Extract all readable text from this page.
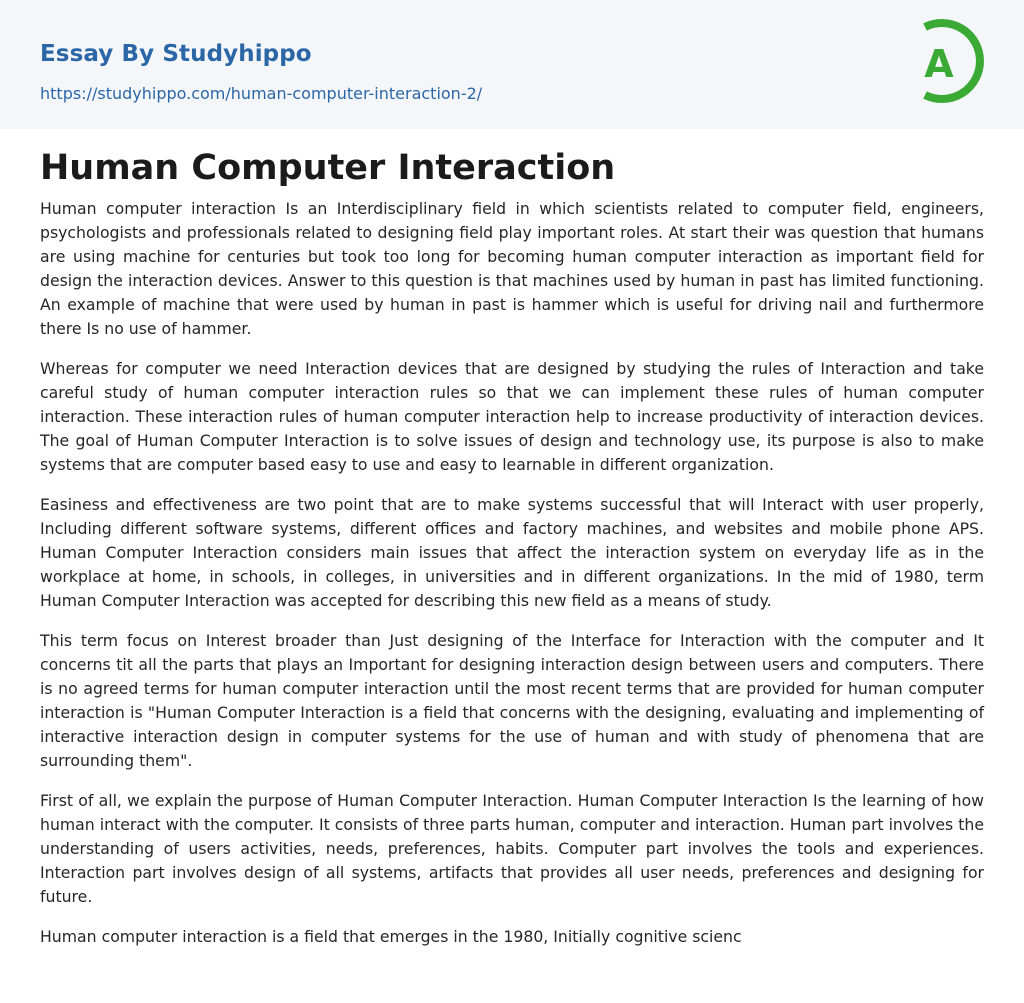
Essay By Studyhippo
https://studyhippo.com/human-computer-interaction-2/
A
Human Computer Interaction

Human computer interaction Is an Interdisciplinary field in which scientists related to computer field, engineers, psychologists and professionals related to designing field play important roles. At start their was question that humans are using machine for centuries but took too long for becoming human computer interaction as important field for design the interaction devices. Answer to this question is that machines used by human in past has limited functioning. An example of machine that were used by human in past is hammer which is useful for driving nail and furthermore there Is no use of hammer.

Whereas for computer we need Interaction devices that are designed by studying the rules of Interaction and take careful study of human computer interaction rules so that we can implement these rules of human computer interaction. These interaction rules of human computer interaction help to increase productivity of interaction devices. The goal of Human Computer Interaction is to solve issues of design and technology use, its purpose is also to make systems that are computer based easy to use and easy to learnable in different organization.

Easiness and effectiveness are two point that are to make systems successful that will Interact with user properly, Including different software systems, different offices and factory machines, and websites and mobile phone APS. Human Computer Interaction considers main issues that affect the interaction system on everyday life as in the workplace at home, in schools, in colleges, in universities and in different organizations. In the mid of 1980, term Human Computer Interaction was accepted for describing this new field as a means of study.

This term focus on Interest broader than Just designing of the Interface for Interaction with the computer and It concerns tit all the parts that plays an Important for designing interaction design between users and computers. There is no agreed terms for human computer interaction until the most recent terms that are provided for human computer interaction is "Human Computer Interaction is a field that concerns with the designing, evaluating and implementing of interactive interaction design in computer systems for the use of human and with study of phenomena that are surrounding them".

First of all, we explain the purpose of Human Computer Interaction. Human Computer Interaction Is the learning of how human interact with the computer. It consists of three parts human, computer and interaction. Human part involves the understanding of users activities, needs, preferences, habits. Computer part involves the tools and experiences. Interaction part involves design of all systems, artifacts that provides all user needs, preferences and designing for future.

Human computer interaction is a field that emerges in the 1980, Initially cognitive scienc
